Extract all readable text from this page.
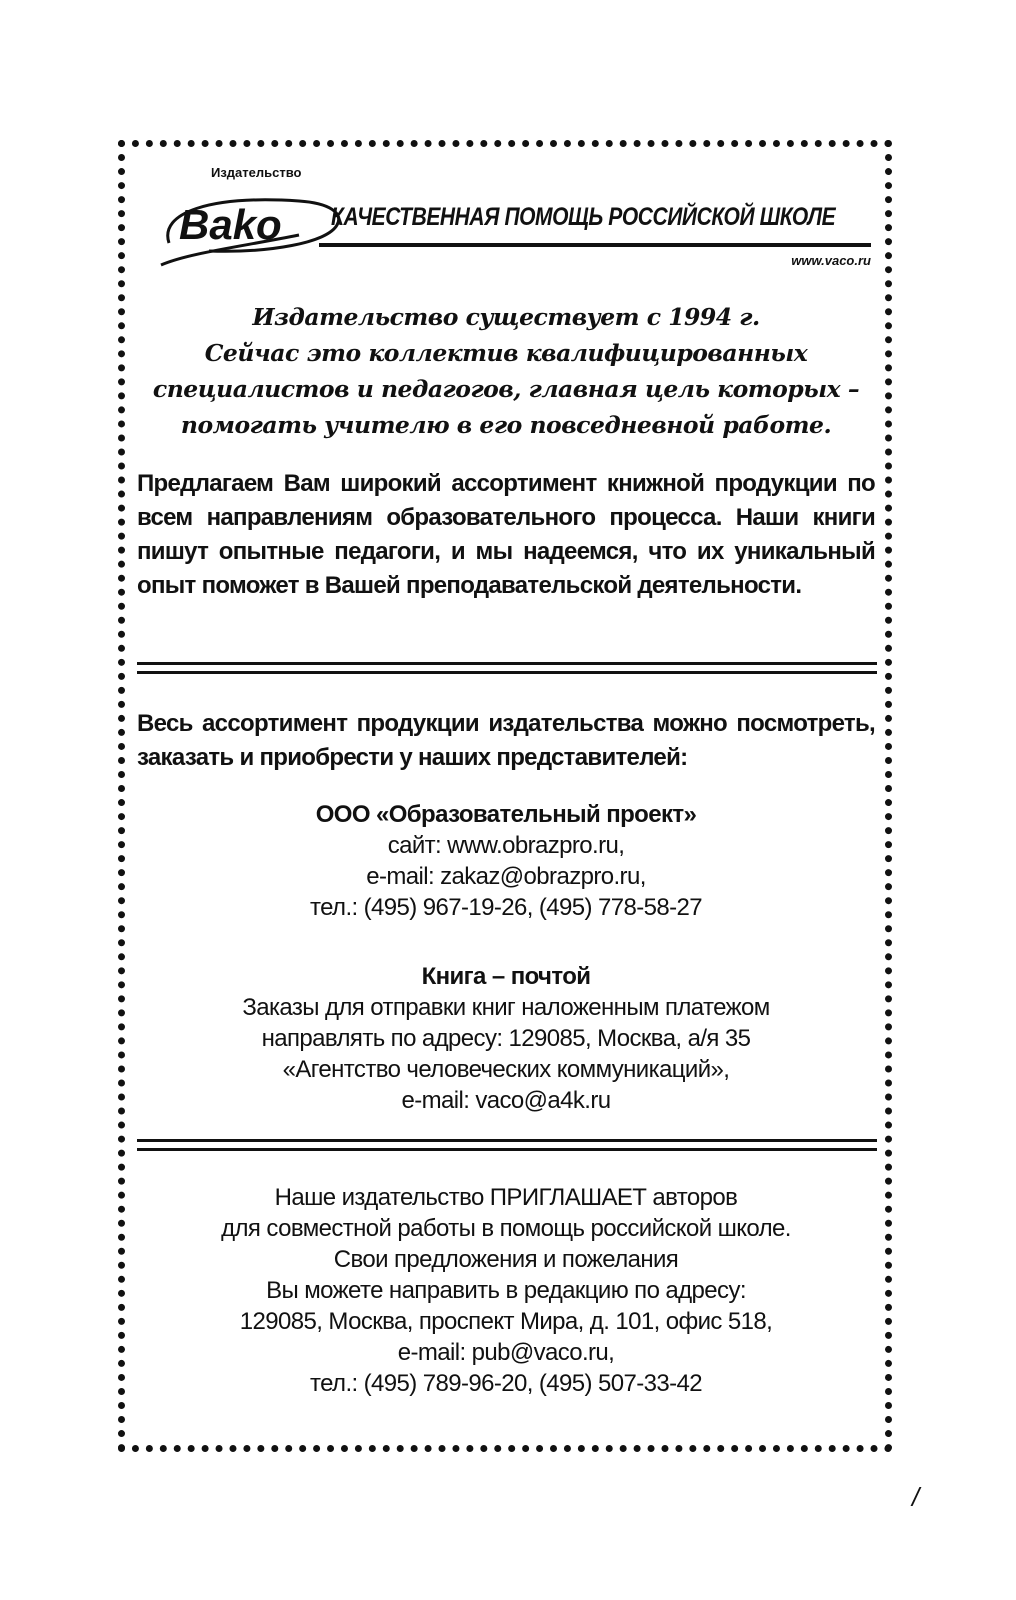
Издательство
Bako КАЧЕСТВЕННАЯ ПОМОЩЬ РОССИЙСКОЙ ШКОЛЕ
www.vaco.ru
Издательство существует с 1994 г.
Сейчас это коллектив квалифицированных
специалистов и педагогов, главная цель которых –
помогать учителю в его повседневной работе.
Предлагаем Вам широкий ассортимент книжной продукции по всем направлениям образовательного процесса. Наши книги пишут опытные педагоги, и мы надеемся, что их уникальный опыт поможет в Вашей преподавательской деятельности.
Весь ассортимент продукции издательства можно посмотреть, заказать и приобрести у наших представителей:
ООО «Образовательный проект»
сайт: www.obrazpro.ru,
e-mail: zakaz@obrazpro.ru,
тел.: (495) 967-19-26, (495) 778-58-27
Книга – почтой
Заказы для отправки книг наложенным платежом
направлять по адресу: 129085, Москва, а/я 35
«Агентство человеческих коммуникаций»,
e-mail: vaco@a4k.ru
Наше издательство ПРИГЛАШАЕТ авторов
для совместной работы в помощь российской школе.
Свои предложения и пожелания
Вы можете направить в редакцию по адресу:
129085, Москва, проспект Мира, д. 101, офис 518,
e-mail: pub@vaco.ru,
тел.: (495) 789-96-20, (495) 507-33-42
/
